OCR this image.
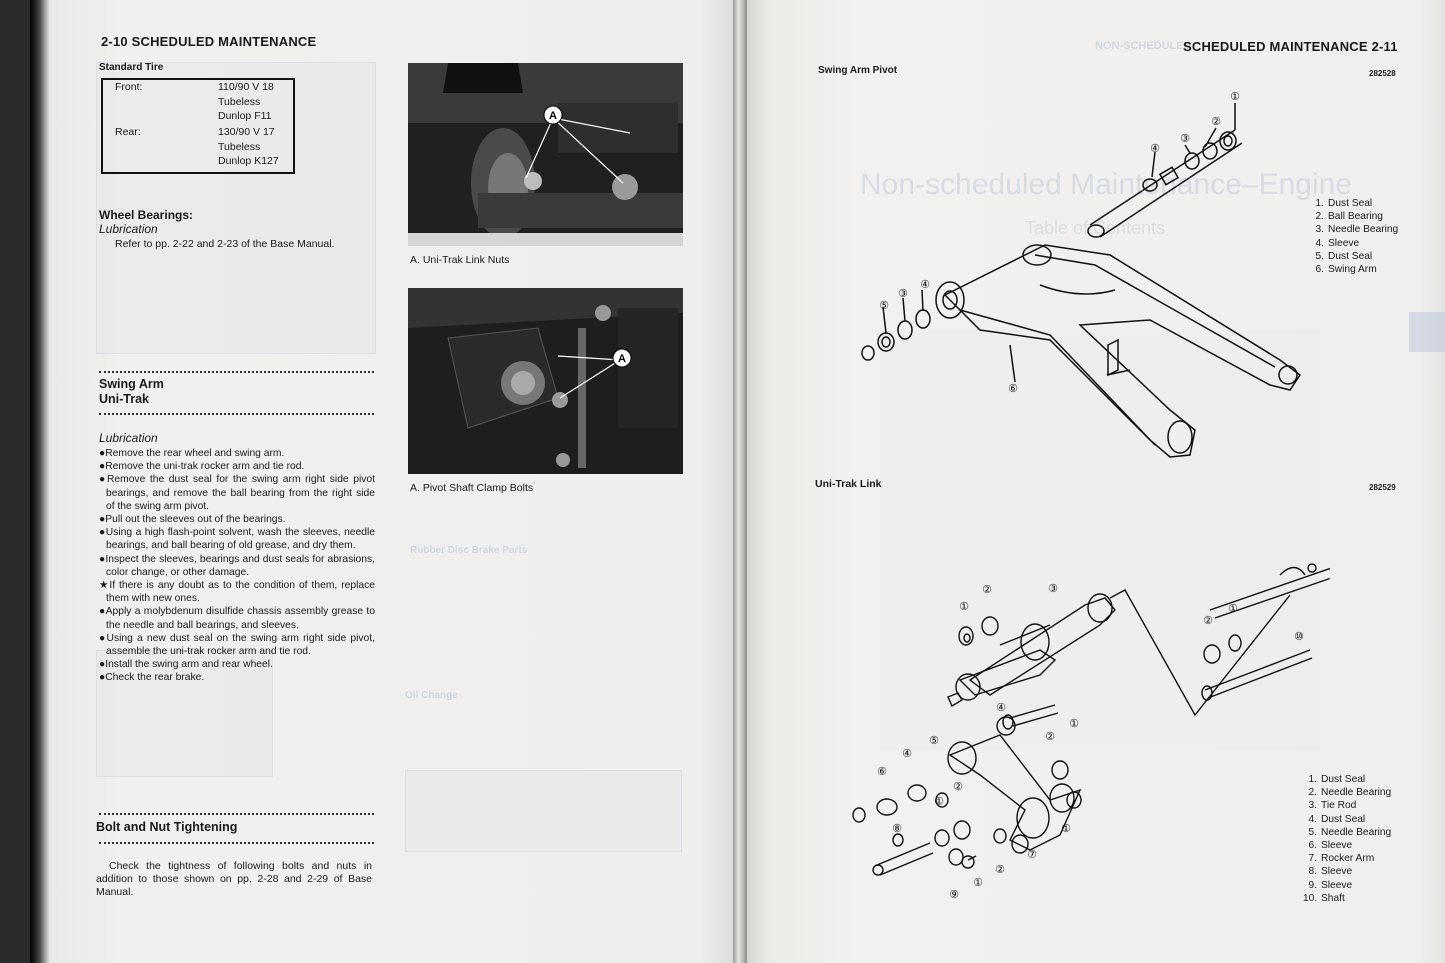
Rubber Disc Brake Parts
Oil Change
2-10 SCHEDULED MAINTENANCE
Standard Tire
Front:	110/90 V 18
Tubeless
Dunlop F11
Rear:	130/90 V 17
Tubeless
Dunlop K127
Wheel Bearings:
Lubrication
Refer to pp. 2-22 and 2-23 of the Base Manual.
Swing Arm
Uni-Trak
Lubrication
●Remove the rear wheel and swing arm.
●Remove the uni-trak rocker arm and tie rod.
●Remove the dust seal for the swing arm right side pivot bearings, and remove the ball bearing from the right side of the swing arm pivot.
●Pull out the sleeves out of the bearings.
●Using a high flash-point solvent, wash the sleeves, needle bearings, and ball bearing of old grease, and dry them.
●Inspect the sleeves, bearings and dust seals for abrasions, color change, or other damage.
★If there is any doubt as to the condition of them, replace them with new ones.
●Apply a molybdenum disulfide chassis assembly grease to the needle and ball bearings, and sleeves.
●Using a new dust seal on the swing arm right side pivot, assemble the uni-trak rocker arm and tie rod.
●Install the swing arm and rear wheel.
●Check the rear brake.
Bolt and Nut Tightening
Check the tightness of following bolts and nuts in addition to those shown on pp. 2-28 and 2-29 of Base Manual.
A
A. Uni-Trak Link Nuts
A
A. Pivot Shaft Clamp Bolts
Non-scheduled Maintenance–Engine
Table of Contents
NON-SCHEDULED
SCHEDULED MAINTENANCE 2-11
Swing Arm Pivot	282528
①
②
③
④
④
③
⑤
⑥
1. Dust Seal
2. Ball Bearing
3. Needle Bearing
4. Sleeve
5. Dust Seal
6. Swing Arm
Uni-Trak Link	282529
①
②	③
②
①
⑩
④
①
②
⑤
④
⑥
②
①
⑧
⑦
①
②
①
⑨
1. Dust Seal
2. Needle Bearing
3. Tie Rod
4. Dust Seal
5. Needle Bearing
6. Sleeve
7. Rocker Arm
8. Sleeve
9. Sleeve
10. Shaft
